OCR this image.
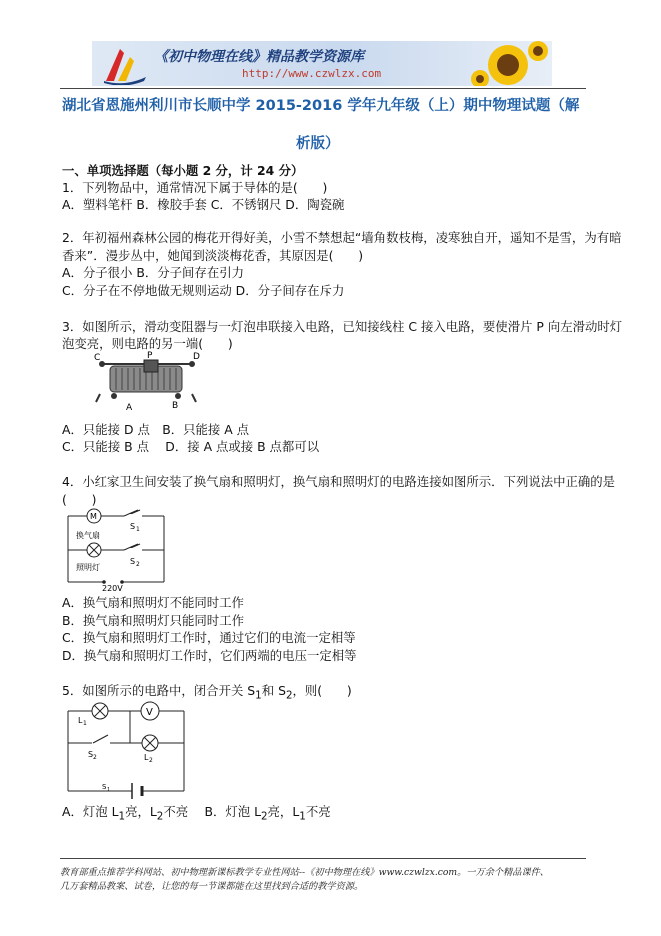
《初中物理在线》精品教学资源库
http://www.czwlzx.com
湖北省恩施州利川市长顺中学 2015-2016 学年九年级（上）期中物理试题（解
析版）
一、单项选择题（每小题 2 分，计 24 分）
1．下列物品中，通常情况下属于导体的是(　　)
A．塑料笔杆 B．橡胶手套 C．不锈钢尺 D．陶瓷碗
2．年初福州森林公园的梅花开得好美，小雪不禁想起“墙角数枝梅，凌寒独自开，遥知不是雪，为有暗
香来”．漫步丛中，她闻到淡淡梅花香，其原因是(　　)
A．分子很小 B．分子间存在引力
C．分子在不停地做无规则运动 D．分子间存在斥力
3．如图所示，滑动变阻器与一灯泡串联接入电路，已知接线柱 C 接入电路，要使滑片 P 向左滑动时灯
泡变亮，则电路的另一端(　　)
C	P	D
A	B
A．只能接 D 点　B．只能接 A 点
C．只能接 B 点　 D．接 A 点或接 B 点都可以
4．小红家卫生间安装了换气扇和照明灯，换气扇和照明灯的电路连接如图所示．下列说法中正确的是
(　　)
M
S 1
换气扇
S 2
照明灯
220V
A．换气扇和照明灯不能同时工作
B．换气扇和照明灯只能同时工作
C．换气扇和照明灯工作时，通过它们的电流一定相等
D．换气扇和照明灯工作时，它们两端的电压一定相等
5．如图所示的电路中，闭合开关 $S_1$和 $S_2$，则(　　)
V
L 1
S 2	L 2
S 1
A．灯泡 $L_1$亮，$L_2$不亮　 B．灯泡 $L_2$亮，$L_1$不亮
教育部重点推荐学科网站、初中物理新课标教学专业性网站--《初中物理在线》www.czwlzx.com。一万余个精品课件、
几万套精品教案、试卷，让您的每一节课都能在这里找到合适的教学资源。
